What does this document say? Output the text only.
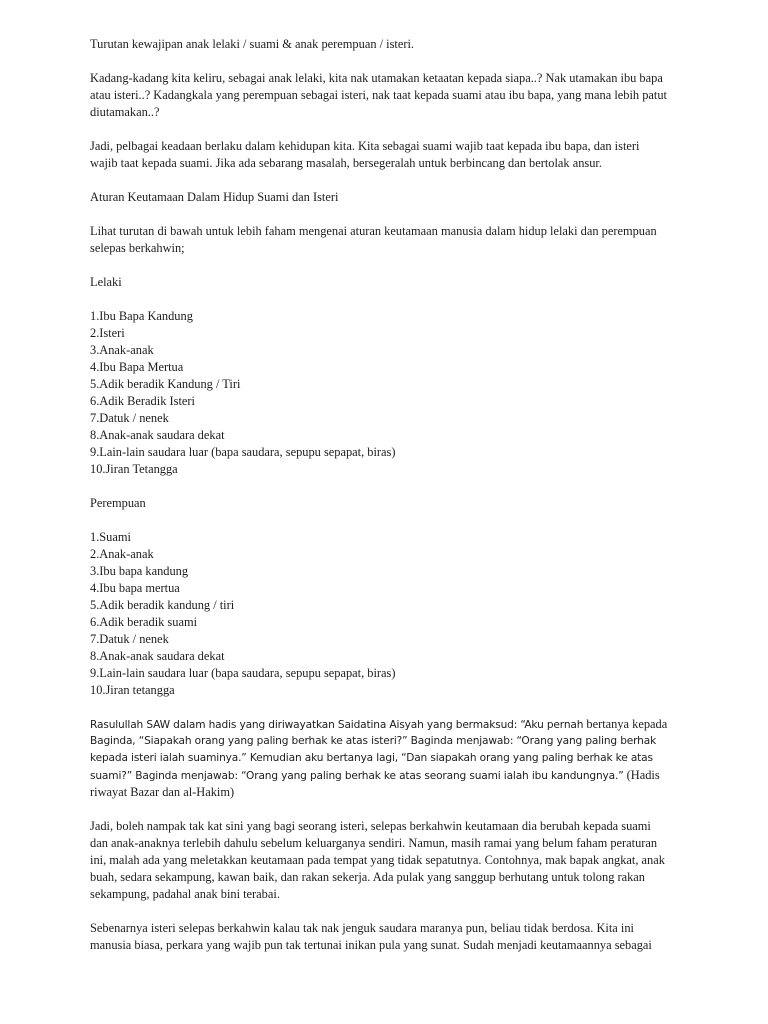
Turutan kewajipan anak lelaki / suami & anak perempuan / isteri.
Kadang-kadang kita keliru, sebagai anak lelaki, kita nak utamakan ketaatan kepada siapa..? Nak utamakan ibu bapa
atau isteri..? Kadangkala yang perempuan sebagai isteri, nak taat kepada suami atau ibu bapa, yang mana lebih patut
diutamakan..?
Jadi, pelbagai keadaan berlaku dalam kehidupan kita. Kita sebagai suami wajib taat kepada ibu bapa, dan isteri
wajib taat kepada suami. Jika ada sebarang masalah, bersegeralah untuk berbincang dan bertolak ansur.
Aturan Keutamaan Dalam Hidup Suami dan Isteri
Lihat turutan di bawah untuk lebih faham mengenai aturan keutamaan manusia dalam hidup lelaki dan perempuan
selepas berkahwin;
Lelaki
1.Ibu Bapa Kandung
2.Isteri
3.Anak-anak
4.Ibu Bapa Mertua
5.Adik beradik Kandung / Tiri
6.Adik Beradik Isteri
7.Datuk / nenek
8.Anak-anak saudara dekat
9.Lain-lain saudara luar (bapa saudara, sepupu sepapat, biras)
10.Jiran Tetangga
Perempuan
1.Suami
2.Anak-anak
3.Ibu bapa kandung
4.Ibu bapa mertua
5.Adik beradik kandung / tiri
6.Adik beradik suami
7.Datuk / nenek
8.Anak-anak saudara dekat
9.Lain-lain saudara luar (bapa saudara, sepupu sepapat, biras)
10.Jiran tetangga
Rasulullah SAW dalam hadis yang diriwayatkan Saidatina Aisyah yang bermaksud: “Aku pernah bertanya kepada
Baginda, “Siapakah orang yang paling berhak ke atas isteri?” Baginda menjawab: “Orang yang paling berhak
kepada isteri ialah suaminya.” Kemudian aku bertanya lagi, “Dan siapakah orang yang paling berhak ke atas
suami?” Baginda menjawab: “Orang yang paling berhak ke atas seorang suami ialah ibu kandungnya.” (Hadis
riwayat Bazar dan al-Hakim)
Jadi, boleh nampak tak kat sini yang bagi seorang isteri, selepas berkahwin keutamaan dia berubah kepada suami
dan anak-anaknya terlebih dahulu sebelum keluarganya sendiri. Namun, masih ramai yang belum faham peraturan
ini, malah ada yang meletakkan keutamaan pada tempat yang tidak sepatutnya. Contohnya, mak bapak angkat, anak
buah, sedara sekampung, kawan baik, dan rakan sekerja. Ada pulak yang sanggup berhutang untuk tolong rakan
sekampung, padahal anak bini terabai.
Sebenarnya isteri selepas berkahwin kalau tak nak jenguk saudara maranya pun, beliau tidak berdosa. Kita ini
manusia biasa, perkara yang wajib pun tak tertunai inikan pula yang sunat. Sudah menjadi keutamaannya sebagai
